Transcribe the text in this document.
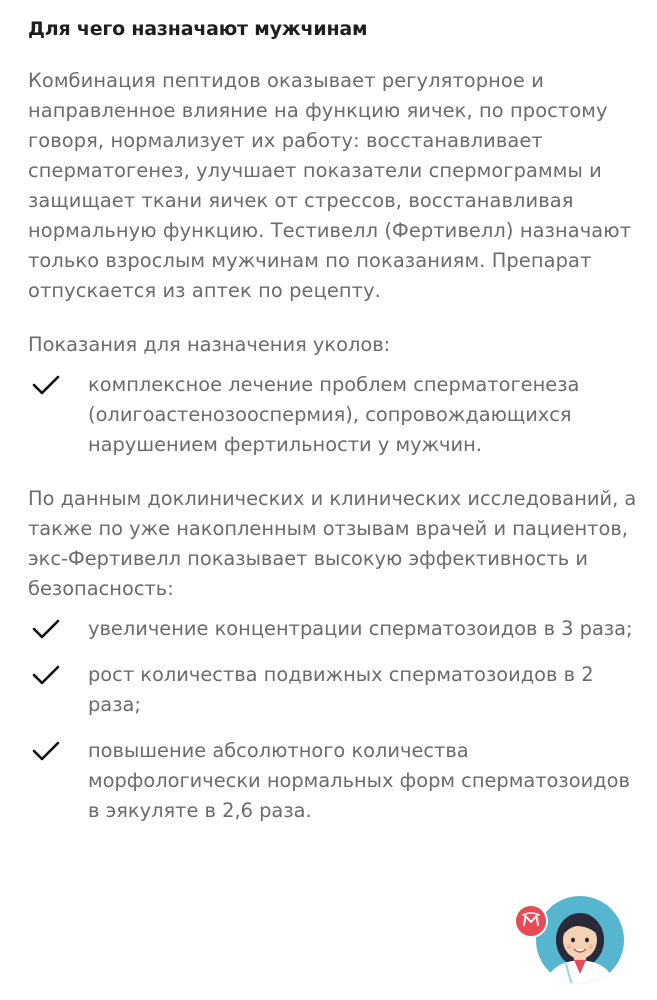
Для чего назначают мужчинам

Комбинация пептидов оказывает регуляторное и направленное влияние на функцию яичек, по простому говоря, нормализует их работу: восстанавливает сперматогенез, улучшает показатели спермограммы и защищает ткани яичек от стрессов, восстанавливая нормальную функцию. Тестивелл (Фертивелл) назначают только взрослым мужчинам по показаниям. Препарат отпускается из аптек по рецепту.

Показания для назначения уколов:

комплексное лечение проблем сперматогенеза (олигоастенозооспермия), сопровождающихся нарушением фертильности у мужчин.

По данным доклинических и клинических исследований, а также по уже накопленным отзывам врачей и пациентов, экс-Фертивелл показывает высокую эффективность и безопасность:

увеличение концентрации сперматозоидов в 3 раза;
рост количества подвижных сперматозоидов в 2 раза;
повышение абсолютного количества морфологически нормальных форм сперматозоидов в эякуляте в 2,6 раза.
